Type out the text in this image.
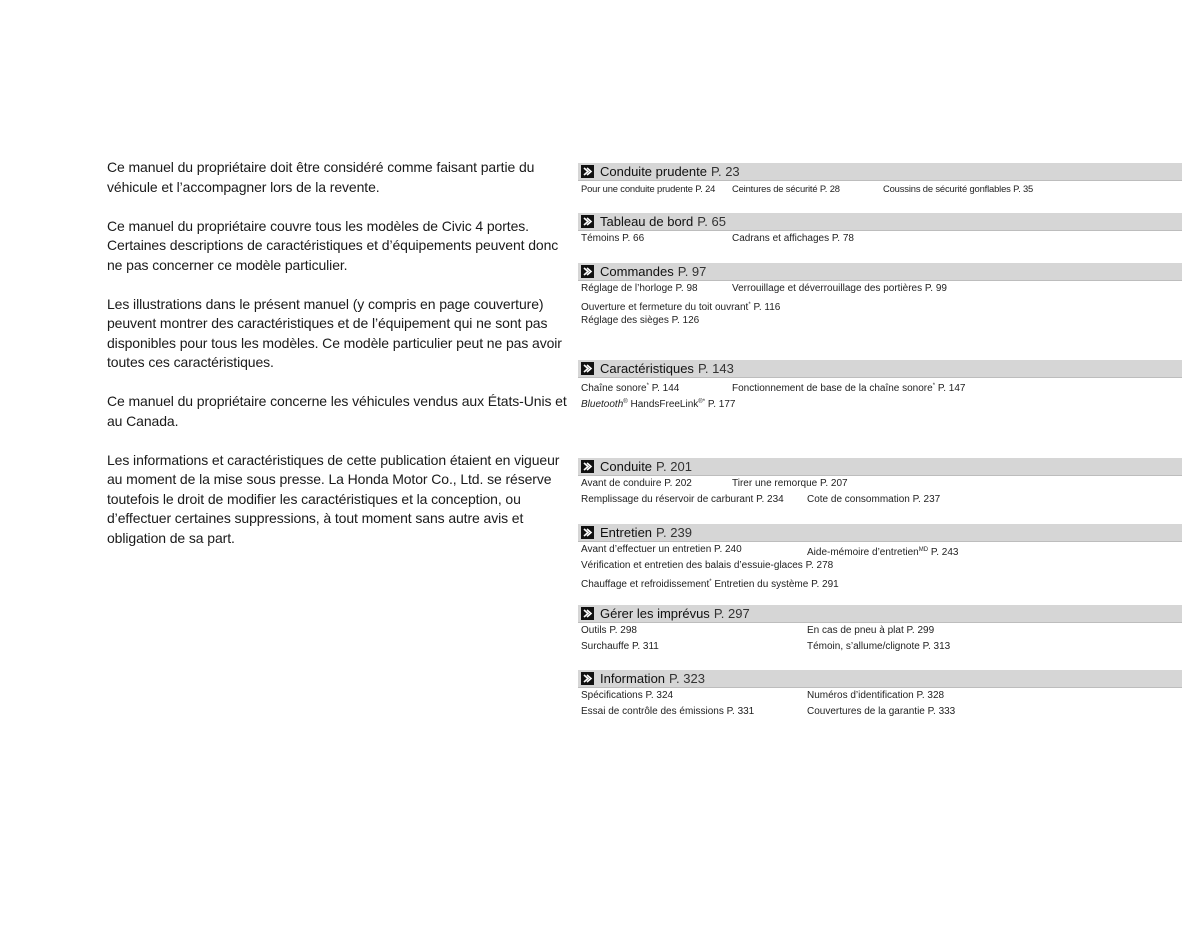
Ce manuel du propriétaire doit être considéré comme faisant partie du véhicule et l’accompagner lors de la revente.

Ce manuel du propriétaire couvre tous les modèles de Civic 4 portes. Certaines descriptions de caractéristiques et d’équipements peuvent donc ne pas concerner ce modèle particulier.

Les illustrations dans le présent manuel (y compris en page couverture) peuvent montrer des caractéristiques et de l’équipement qui ne sont pas disponibles pour tous les modèles. Ce modèle particulier peut ne pas avoir toutes ces caractéristiques.

Ce manuel du propriétaire concerne les véhicules vendus aux États-Unis et au Canada.

Les informations et caractéristiques de cette publication étaient en vigueur au moment de la mise sous presse. La Honda Motor Co., Ltd. se réserve toutefois le droit de modifier les caractéristiques et la conception, ou d’effectuer certaines suppressions, à tout moment sans autre avis et obligation de sa part.

Conduite prudente P. 23
Pour une conduite prudente P. 24 Ceintures de sécurité P. 28	Coussins de sécurité gonflables P. 35
Tableau de bord P. 65
Témoins P. 66	Cadrans et affichages P. 78
Commandes P. 97
Réglage de l’horloge P. 98	Verrouillage et déverrouillage des portières P. 99
Ouverture et fermeture du toit ouvrant* P. 116
Réglage des sièges P. 126
Caractéristiques P. 143
Chaîne sonore* P. 144	Fonctionnement de base de la chaîne sonore* P. 147
Bluetooth® HandsFreeLink®* P. 177
Conduite P. 201
Avant de conduire P. 202	Tirer une remorque P. 207
Remplissage du réservoir de carburant P. 234 Cote de consommation P. 237
Entretien P. 239
Avant d’effectuer un entretien P. 240	Aide-mémoire d’entretien$^{MD}$ P. 243
Vérification et entretien des balais d’essuie-glaces P. 278
Chauffage et refroidissement* Entretien du système P. 291
Gérer les imprévus P. 297
Outils P. 298	En cas de pneu à plat P. 299
Surchauffe P. 311	Témoin, s’allume/clignote P. 313
Information P. 323
Spécifications P. 324	Numéros d’identification P. 328
Essai de contrôle des émissions P. 331	Couvertures de la garantie P. 333
